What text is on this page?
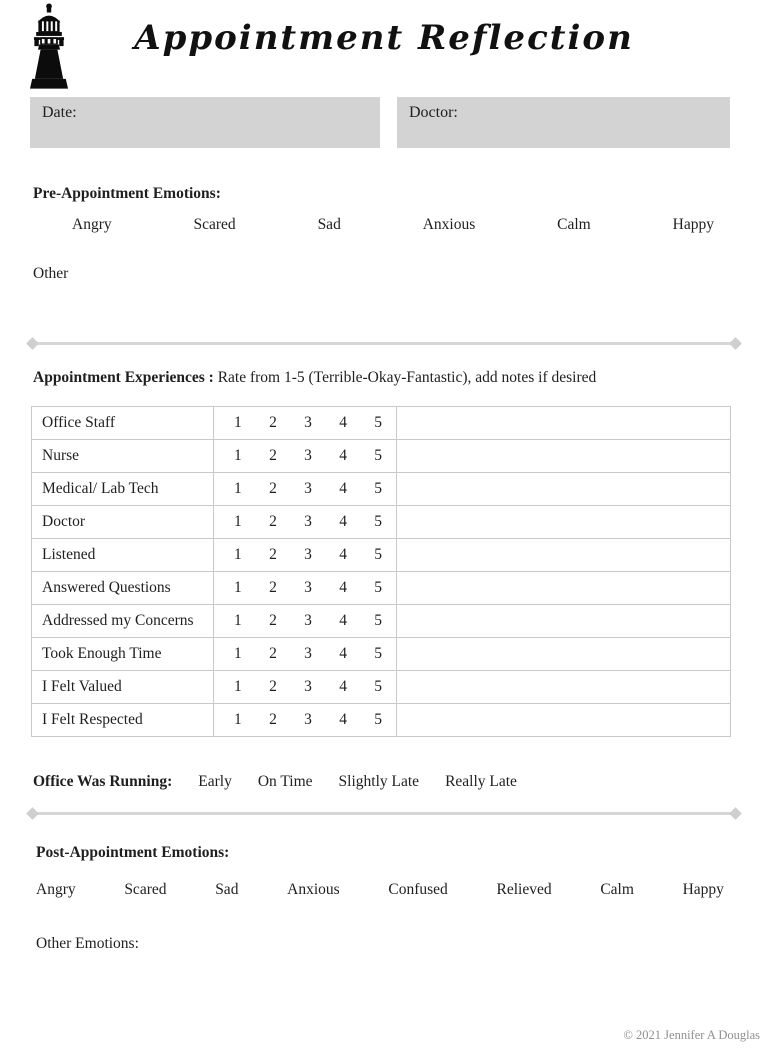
Appointment Reflection
Date:	Doctor:
Pre-Appointment Emotions:
Angry	Scared	Sad	Anxious	Calm	Happy
Other
Appointment Experiences : Rate from 1-5 (Terrible-Okay-Fantastic), add notes if desired
Office Staff	1 2 3 4 5	

Nurse	1 2 3 4 5	

Medical/ Lab Tech	1 2 3 4 5	

Doctor	1 2 3 4 5	

Listened	1 2 3 4 5	

Answered Questions	1 2 3 4 5	

Addressed my Concerns	1 2 3 4 5	

Took Enough Time	1 2 3 4 5	

I Felt Valued	1 2 3 4 5	

I Felt Respected	1 2 3 4 5	

Office Was Running: Early On Time Slightly Late Really Late
Post-Appointment Emotions:
Angry	Scared	Sad	Anxious	Confused	Relieved	Calm	Happy
Other Emotions:
© 2021 Jennifer A Douglas
